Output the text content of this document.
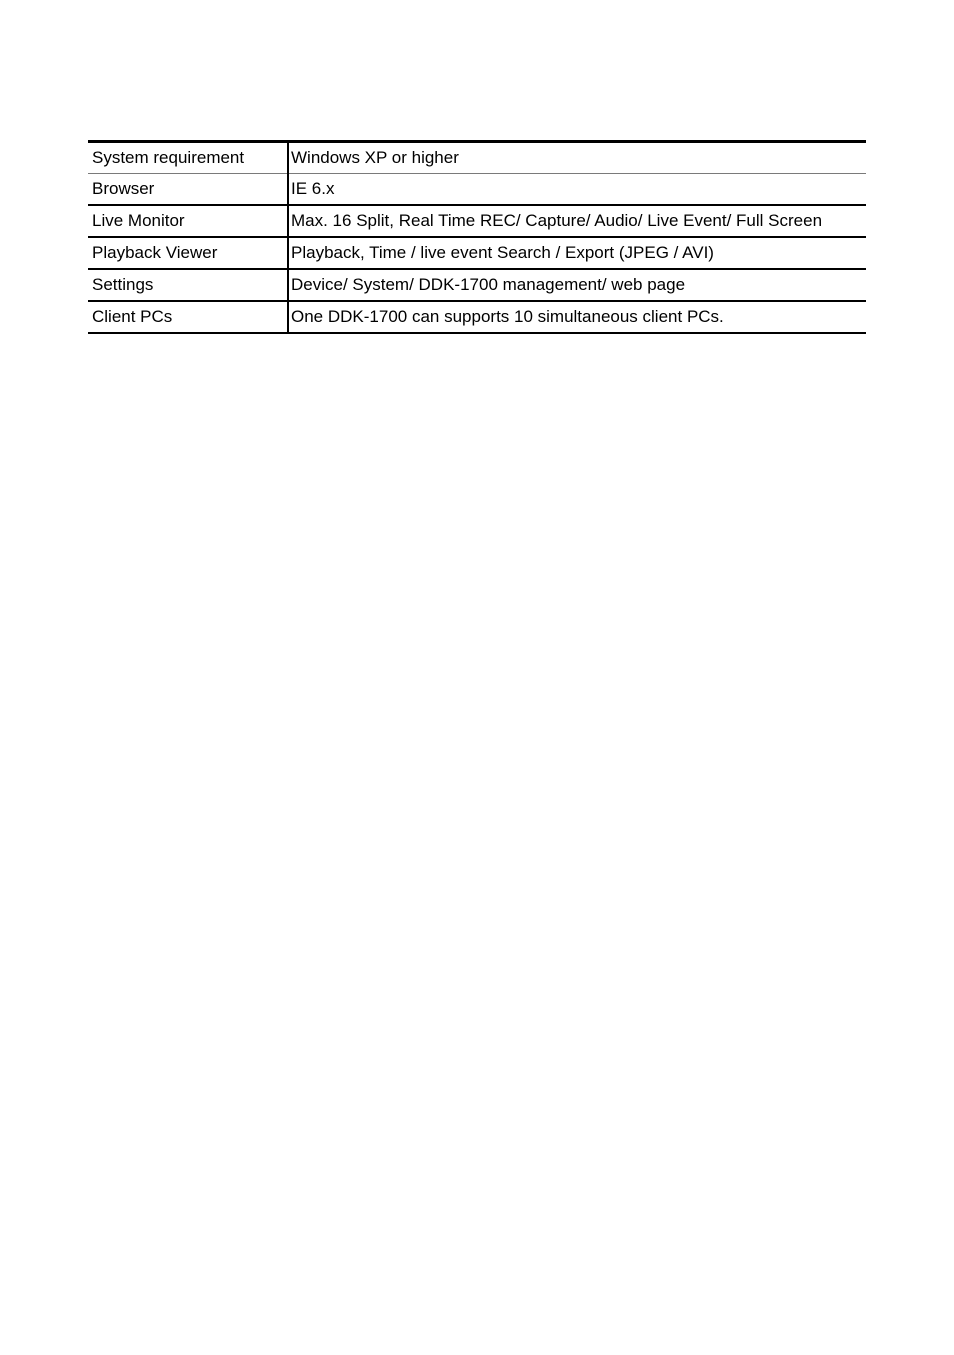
System requirement	Windows XP or higher
Browser	IE 6.x
Live Monitor	Max. 16 Split, Real Time REC/ Capture/ Audio/ Live Event/ Full Screen
Playback Viewer	Playback, Time / live event Search / Export (JPEG / AVI)
Settings	Device/ System/ DDK-1700 management/ web page
Client PCs	One DDK-1700 can supports 10 simultaneous client PCs.
